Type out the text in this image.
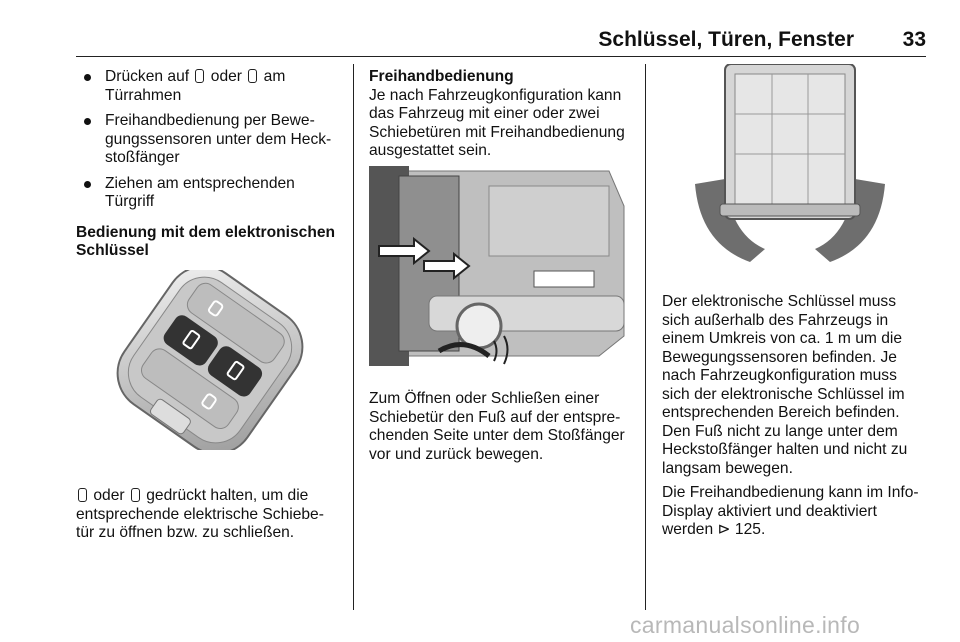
Schlüssel, Türen, Fenster 33
Drücken auf oder am Türrahmen
Freihandbedienung per Bewe-
gungssensoren unter dem Heck-
stoßfänger
Ziehen am entsprechenden
Türgriff

Bedienung mit dem elektronischen
Schlüssel

oder gedrückt halten, um die
entsprechende elektrische Schiebe-
tür zu öffnen bzw. zu schließen.

Freihandbedienung

Je nach Fahrzeugkonfiguration kann
das Fahrzeug mit einer oder zwei
Schiebetüren mit Freihandbedienung
ausgestattet sein.

Zum Öffnen oder Schließen einer
Schiebetür den Fuß auf der entspre-
chenden Seite unter dem Stoßfänger
vor und zurück bewegen.

Der elektronische Schlüssel muss
sich außerhalb des Fahrzeugs in
einem Umkreis von ca. 1 m um die
Bewegungssensoren befinden. Je
nach Fahrzeugkonfiguration muss
sich der elektronische Schlüssel im
entsprechenden Bereich befinden.
Den Fuß nicht zu lange unter dem
Heckstoßfänger halten und nicht zu
langsam bewegen.

Die Freihandbedienung kann im Info-
Display aktiviert und deaktiviert
werden ⊳ 125.

carmanualsonline.info
